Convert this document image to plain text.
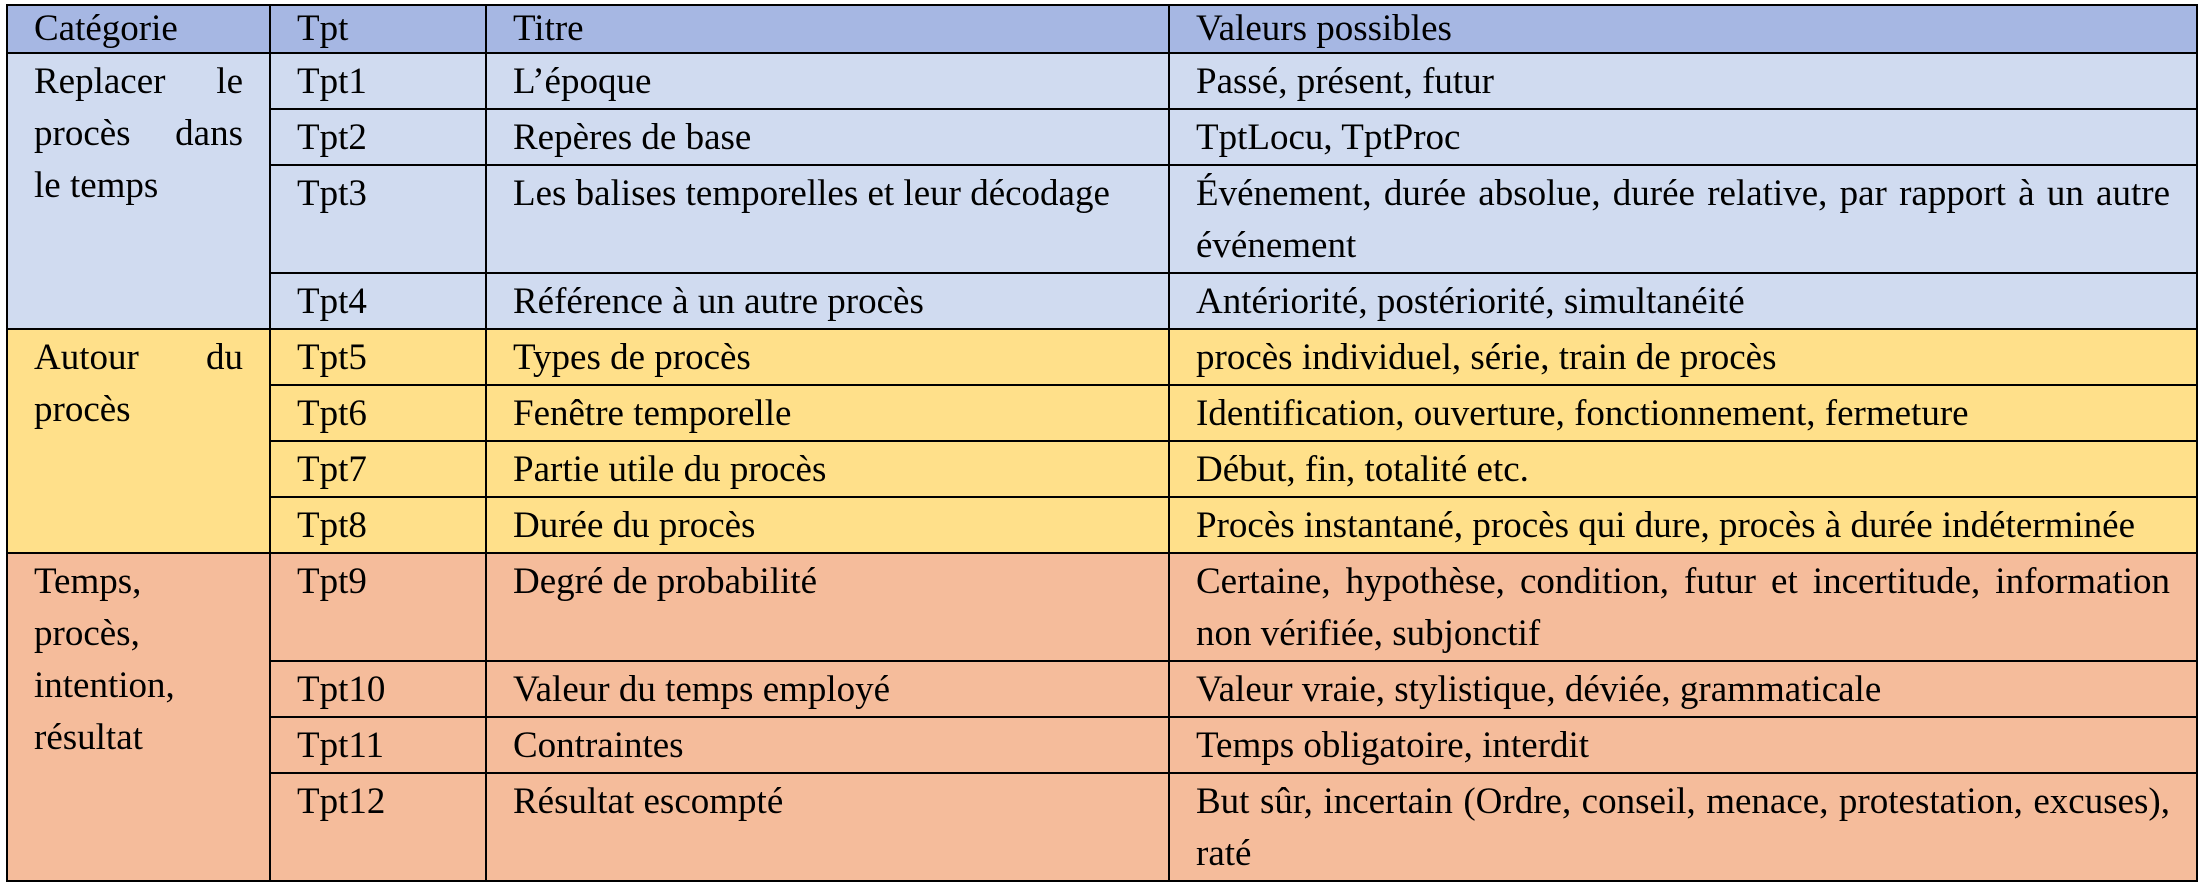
Catégorie	Tpt	Titre	Valeurs possibles

Replacer le procès dans le temps	Tpt1	L’époque	Passé, présent, futur
	Tpt2	Repères de base	TptLocu, TptProc
	Tpt3	Les balises temporelles et leur décodage	Événement, durée absolue, durée relative, par rapport à un autre événement
	Tpt4	Référence à un autre procès	Antériorité, postériorité, simultanéité

Autour du procès	Tpt5	Types de procès	procès individuel, série, train de procès
	Tpt6	Fenêtre temporelle	Identification, ouverture, fonctionnement, fermeture
	Tpt7	Partie utile du procès	Début, fin, totalité etc.
	Tpt8	Durée du procès	Procès instantané, procès qui dure, procès à durée indéterminée

Temps, procès, intention, résultat	Tpt9	Degré de probabilité	Certaine, hypothèse, condition, futur et incertitude, information non vérifiée, subjonctif
	Tpt10	Valeur du temps employé	Valeur vraie, stylistique, déviée, grammaticale
	Tpt11	Contraintes	Temps obligatoire, interdit
	Tpt12	Résultat escompté	But sûr, incertain (Ordre, conseil, menace, protestation, excuses), raté
